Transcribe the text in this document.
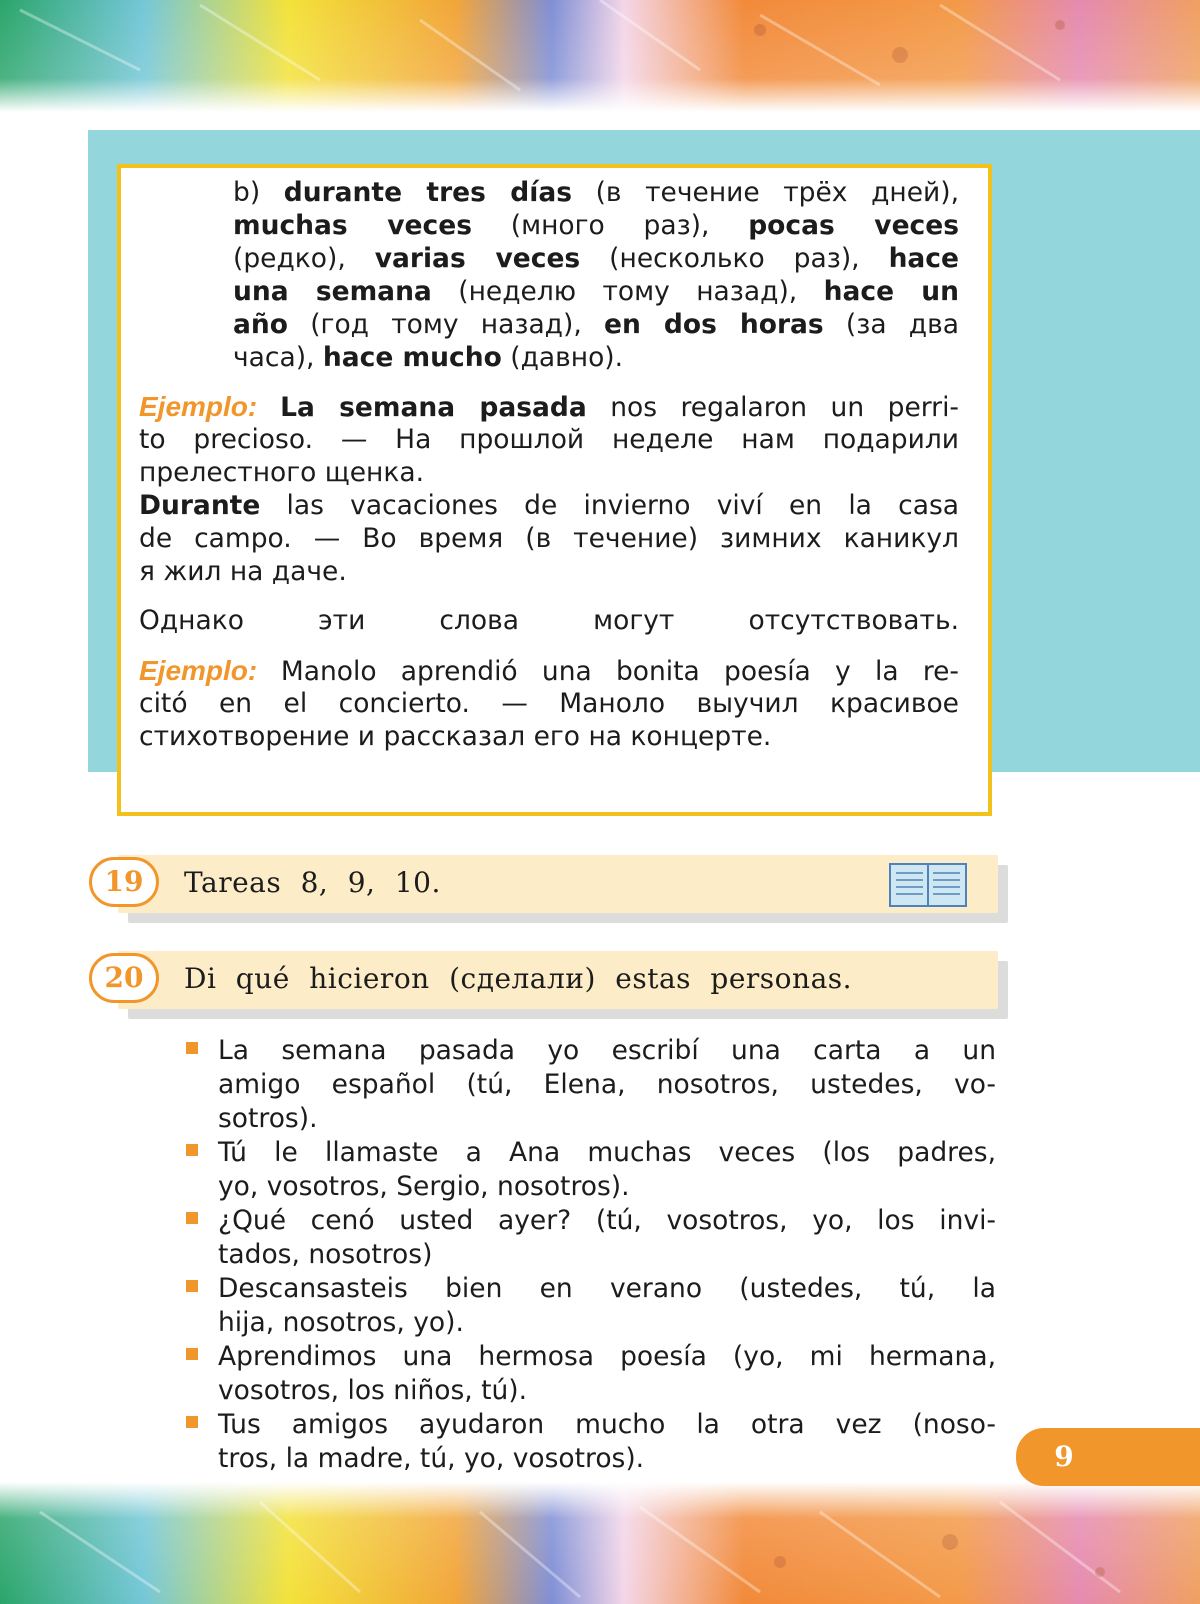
b) durante tres días (в течение трёх дней),
muchas veces (много раз), pocas veces
(редко), varias veces (несколько раз), hace
una semana (неделю тому назад), hace un
año (год тому назад), en dos horas (за два
часа), hace mucho (давно).
Ejemplo: La semana pasada nos regalaron un perri-
to precioso. — На прошлой неделе нам подарили
прелестного щенка.
Durante las vacaciones de invierno viví en la casa
de campo. — Во время (в течение) зимних каникул
я жил на даче.
Однако эти слова могут отсутствовать.
Ejemplo: Manolo aprendió una bonita poesía y la re-
citó en el concierto. — Маноло выучил красивое
стихотворение и рассказал его на концерте.
19	Tareas 8, 9, 10.
20	Di qué hicieron (сделали) estas personas.
La semana pasada yo escribí una carta a un
amigo español (tú, Elena, nosotros, ustedes, vo-
sotros).
Tú le llamaste a Ana muchas veces (los padres,
yo, vosotros, Sergio, nosotros).
¿Qué cenó usted ayer? (tú, vosotros, yo, los invi-
tados, nosotros)
Descansasteis bien en verano (ustedes, tú, la
hija, nosotros, yo).
Aprendimos una hermosa poesía (yo, mi hermana,
vosotros, los niños, tú).
Tus amigos ayudaron mucho la otra vez (noso-
tros, la madre, tú, yo, vosotros).	9
